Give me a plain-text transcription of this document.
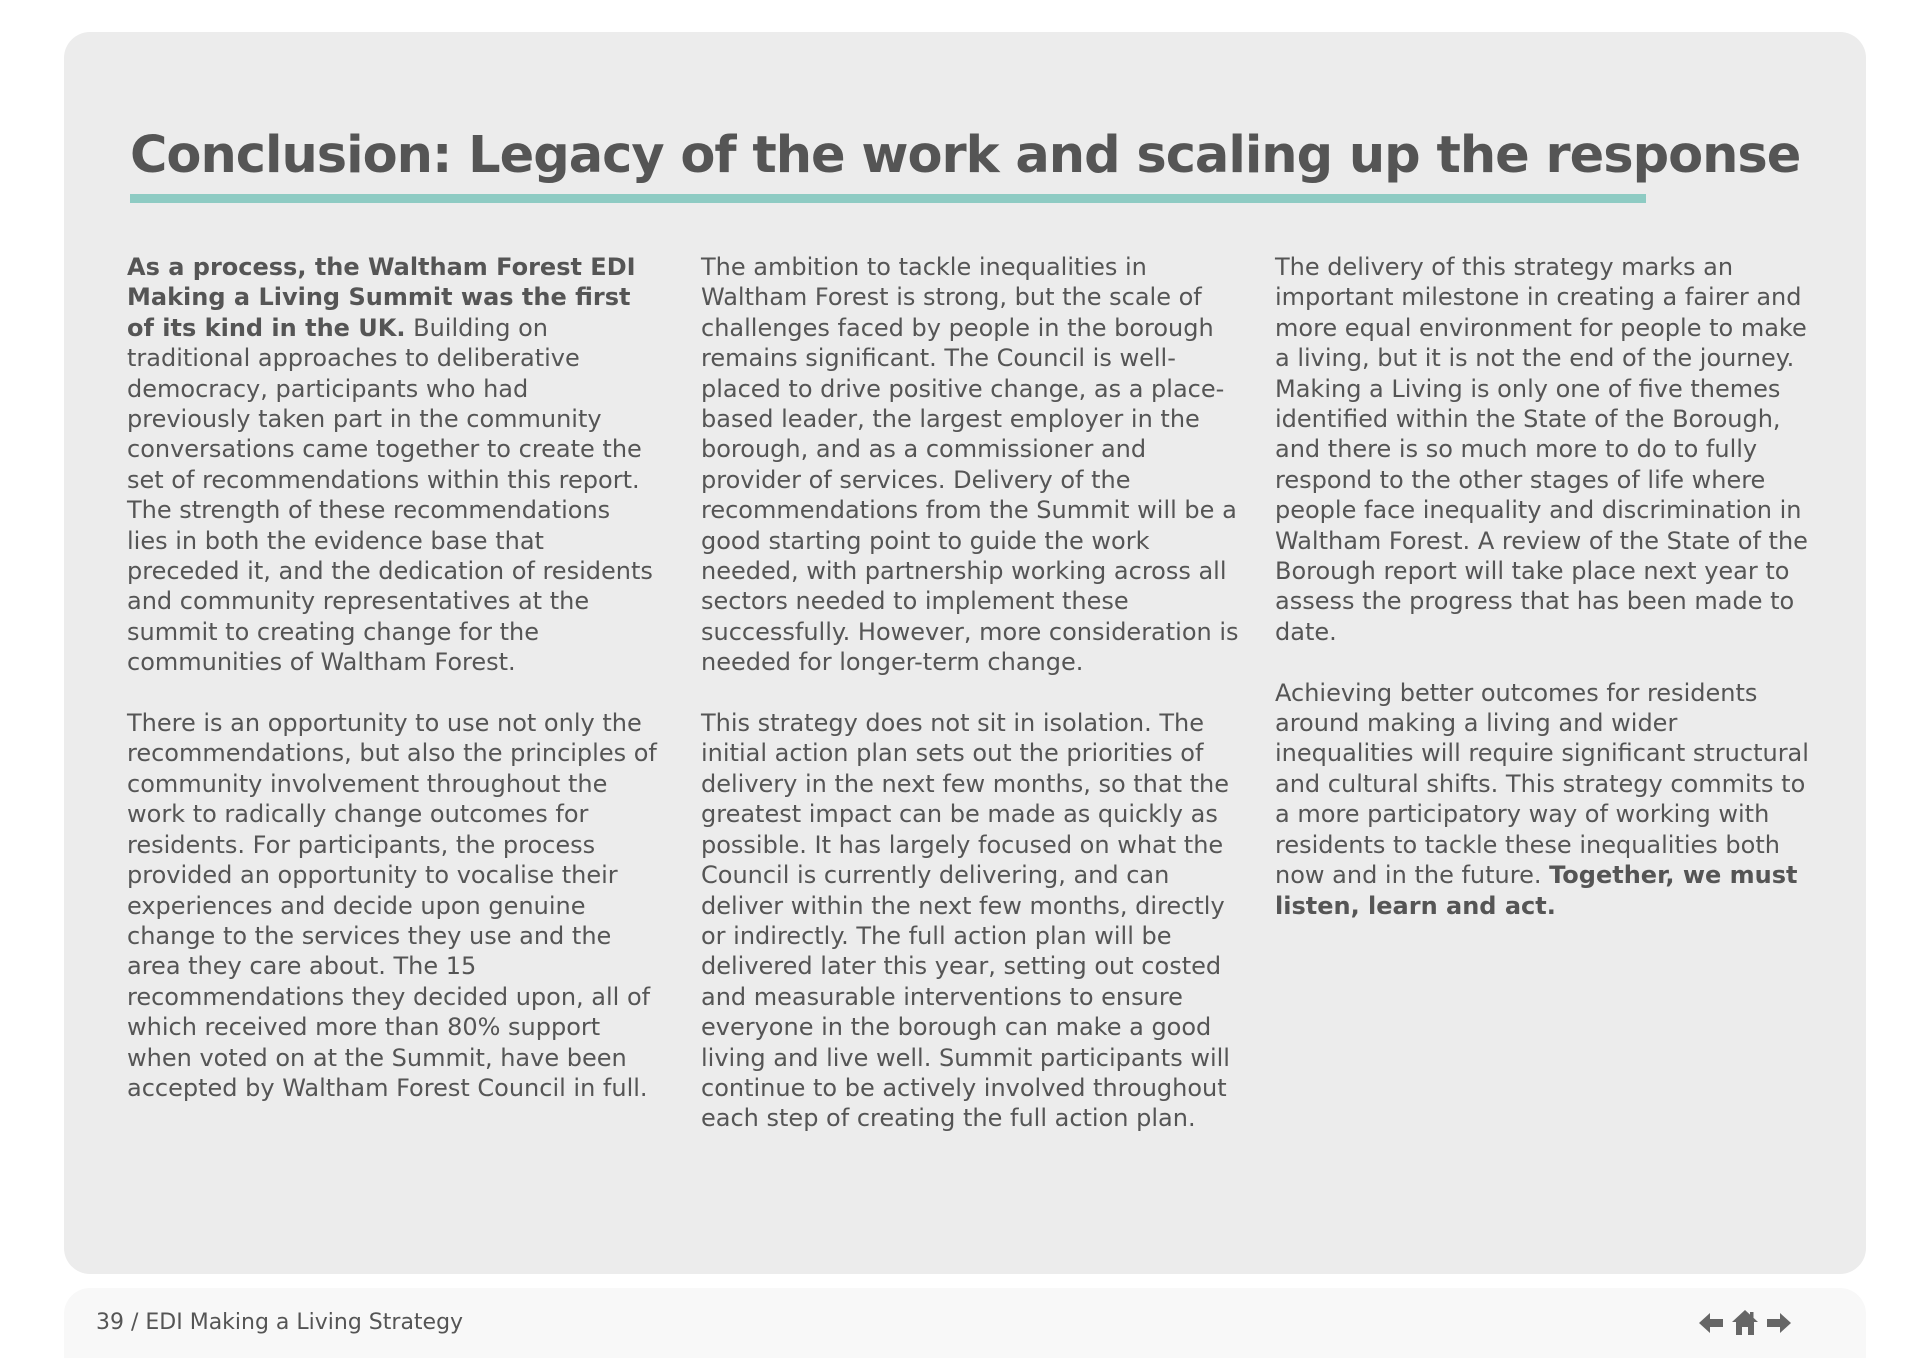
Conclusion: Legacy of the work and scaling up the response

As a process, the Waltham Forest EDI Making a Living Summit was the first of its kind in the UK. Building on traditional approaches to deliberative democracy, participants who had previously taken part in the community conversations came together to create the set of recommendations within this report. The strength of these recommendations lies in both the evidence base that preceded it, and the dedication of residents and community representatives at the summit to creating change for the communities of Waltham Forest.

There is an opportunity to use not only the recommendations, but also the principles of community involvement throughout the work to radically change outcomes for residents. For participants, the process provided an opportunity to vocalise their experiences and decide upon genuine change to the services they use and the area they care about. The 15 recommendations they decided upon, all of which received more than 80% support when voted on at the Summit, have been accepted by Waltham Forest Council in full.

The ambition to tackle inequalities in Waltham Forest is strong, but the scale of challenges faced by people in the borough remains significant. The Council is well-placed to drive positive change, as a place-based leader, the largest employer in the borough, and as a commissioner and provider of services. Delivery of the recommendations from the Summit will be a good starting point to guide the work needed, with partnership working across all sectors needed to implement these successfully. However, more consideration is needed for longer-term change.

This strategy does not sit in isolation. The initial action plan sets out the priorities of delivery in the next few months, so that the greatest impact can be made as quickly as possible. It has largely focused on what the Council is currently delivering, and can deliver within the next few months, directly or indirectly. The full action plan will be delivered later this year, setting out costed and measurable interventions to ensure everyone in the borough can make a good living and live well. Summit participants will continue to be actively involved throughout each step of creating the full action plan.

The delivery of this strategy marks an important milestone in creating a fairer and more equal environment for people to make a living, but it is not the end of the journey. Making a Living is only one of five themes identified within the State of the Borough, and there is so much more to do to fully respond to the other stages of life where people face inequality and discrimination in Waltham Forest. A review of the State of the Borough report will take place next year to assess the progress that has been made to date.

Achieving better outcomes for residents around making a living and wider inequalities will require significant structural and cultural shifts. This strategy commits to a more participatory way of working with residents to tackle these inequalities both now and in the future. Together, we must listen, learn and act.

39 / EDI Making a Living Strategy
